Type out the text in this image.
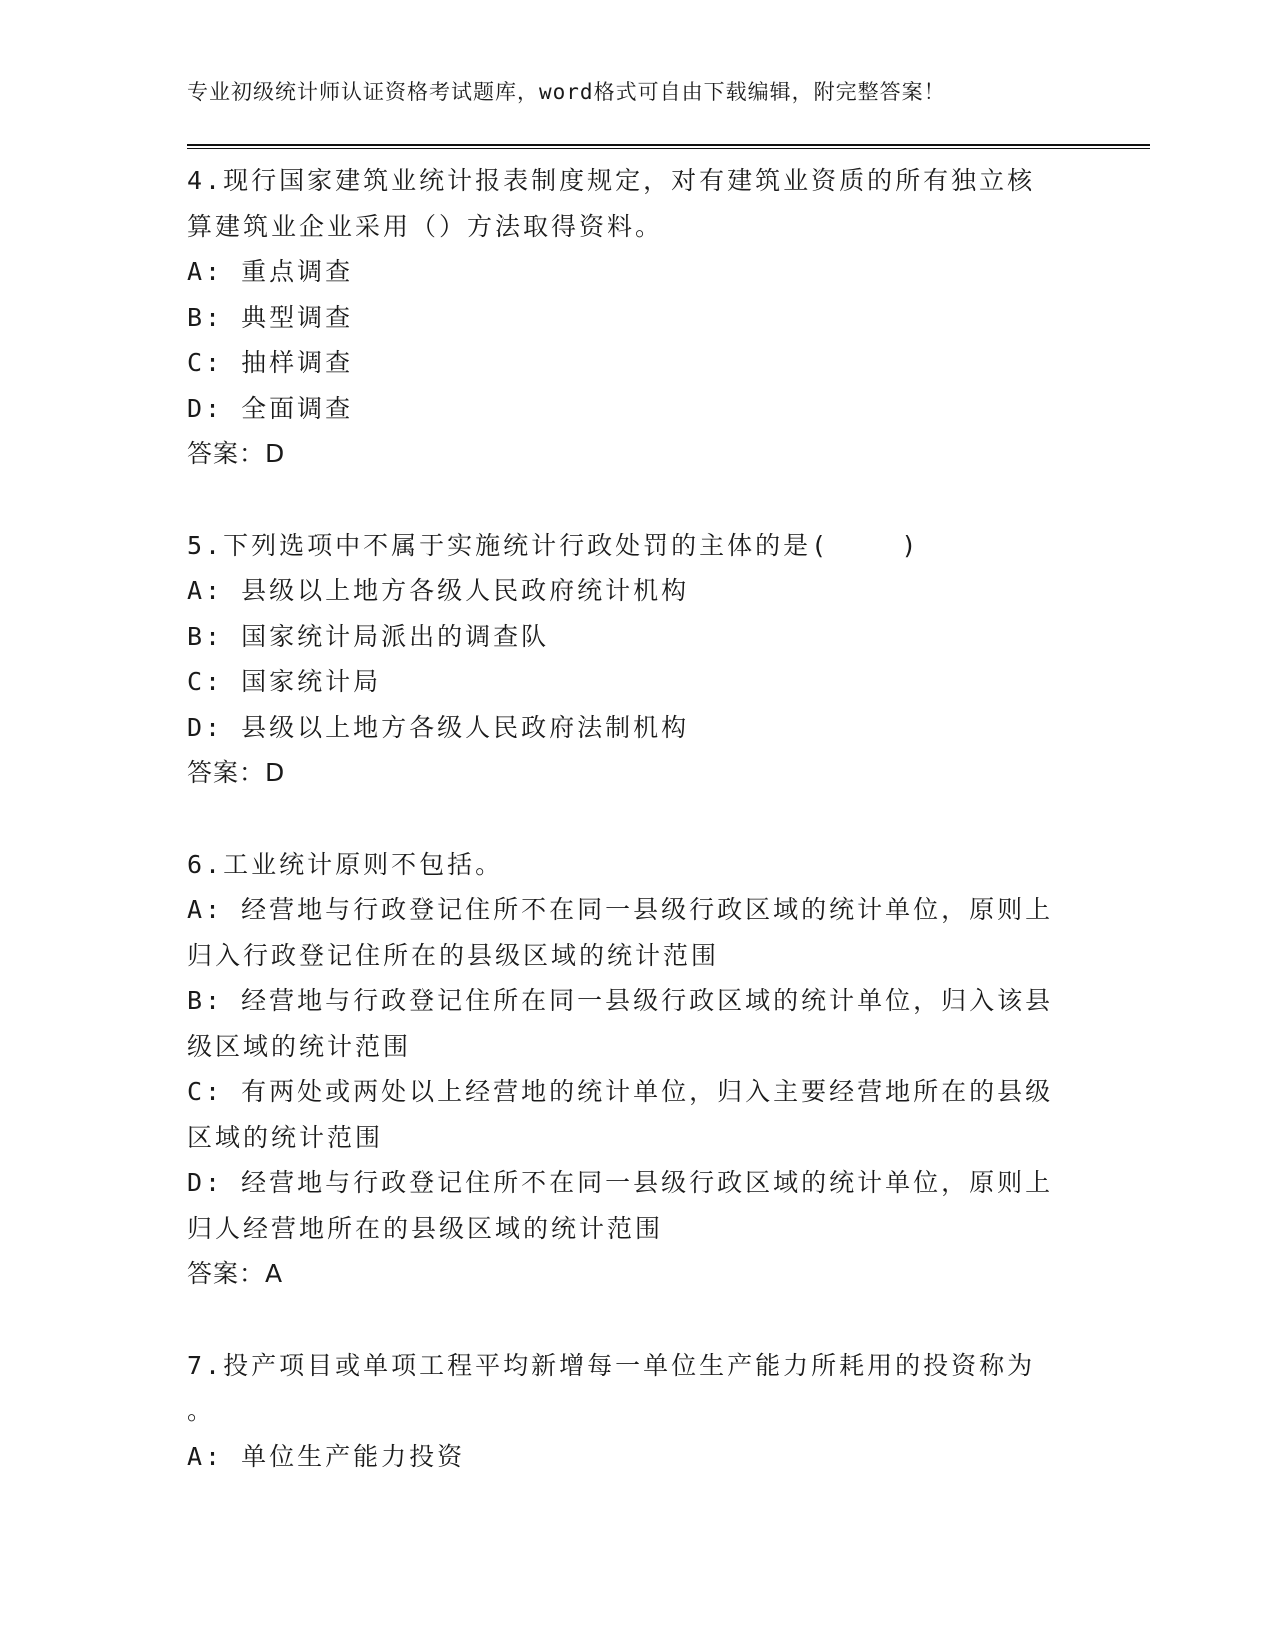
专业初级统计师认证资格考试题库，word格式可自由下载编辑，附完整答案！
4.现行国家建筑业统计报表制度规定，对有建筑业资质的所有独立核
算建筑业企业采用（）方法取得资料。
A: 重点调查
B: 典型调查
C: 抽样调查
D: 全面调查
答案：D
5.下列选项中不属于实施统计行政处罚的主体的是(    )
A: 县级以上地方各级人民政府统计机构
B: 国家统计局派出的调查队
C: 国家统计局
D: 县级以上地方各级人民政府法制机构
答案：D
6.工业统计原则不包括。
A: 经营地与行政登记住所不在同一县级行政区域的统计单位，原则上
归入行政登记住所在的县级区域的统计范围
B: 经营地与行政登记住所在同一县级行政区域的统计单位，归入该县
级区域的统计范围
C: 有两处或两处以上经营地的统计单位，归入主要经营地所在的县级
区域的统计范围
D: 经营地与行政登记住所不在同一县级行政区域的统计单位，原则上
归人经营地所在的县级区域的统计范围
答案：A
7.投产项目或单项工程平均新增每一单位生产能力所耗用的投资称为
。
A: 单位生产能力投资
